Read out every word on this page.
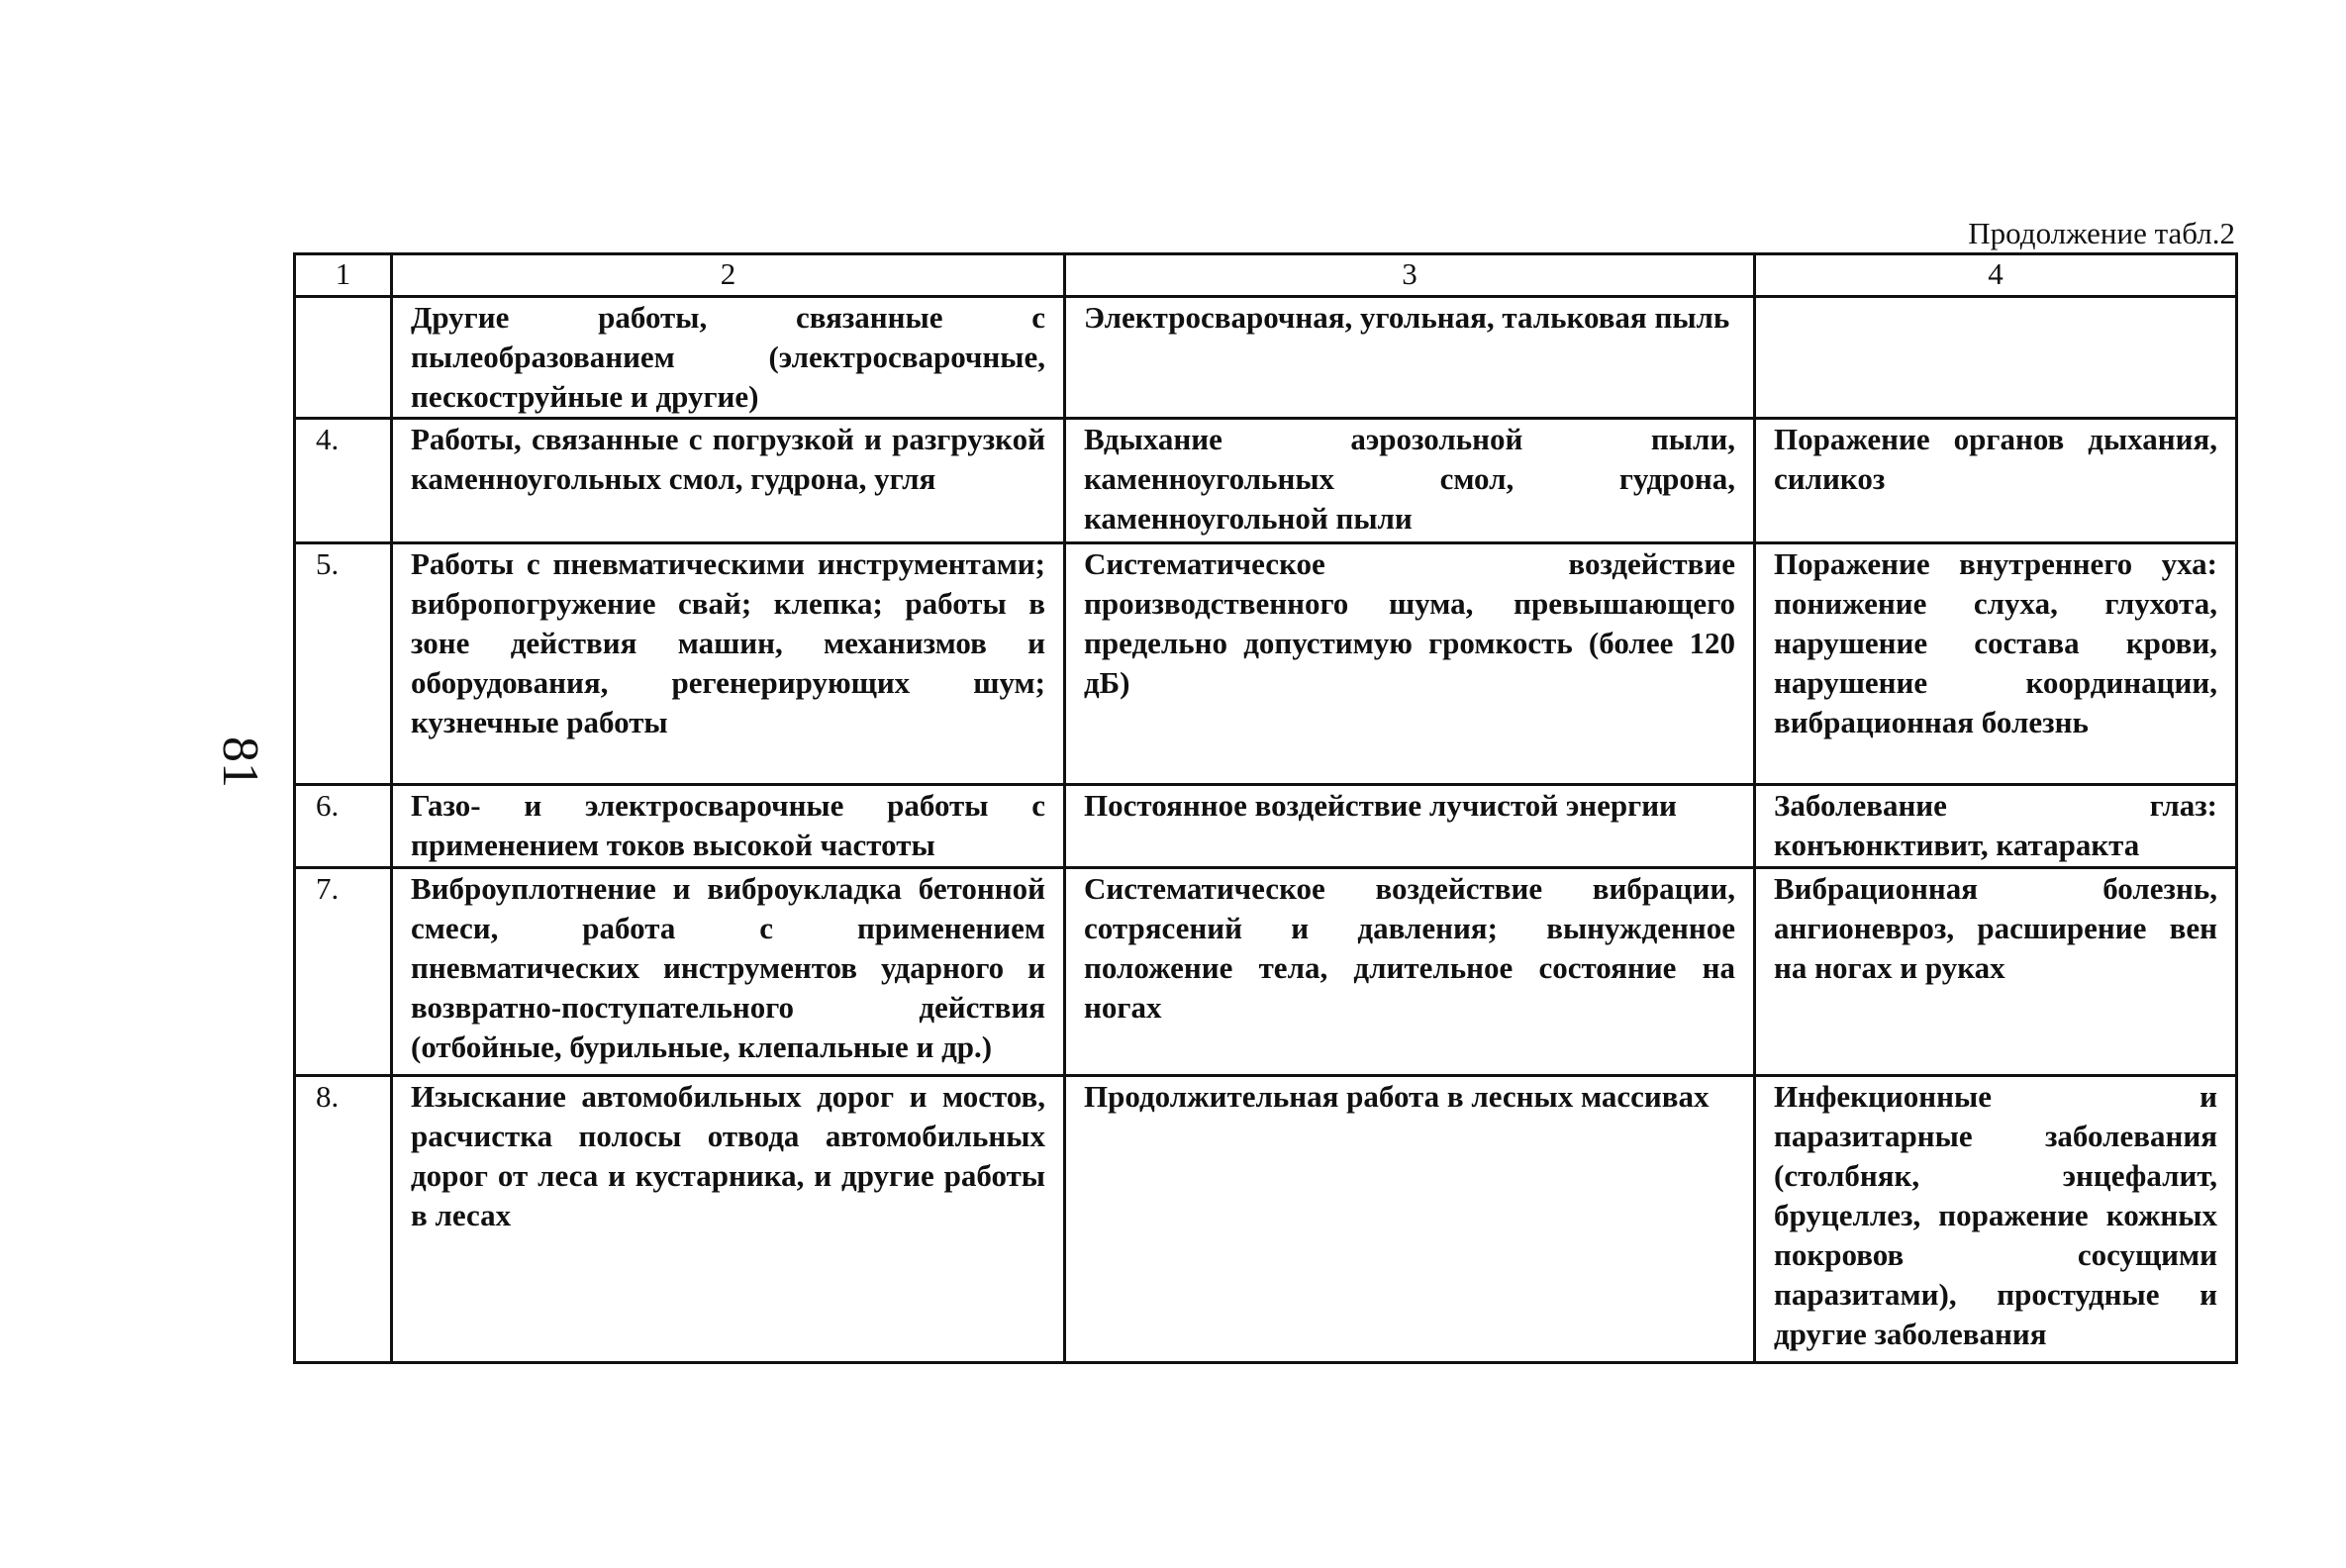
81
Продолжение табл.2
1	2	3	4

	Другие работы, связанные с пылеобразованием (электросварочные, пескоструйные и другие)	Электросварочная, угольная, тальковая пыль	

4.	Работы, связанные с погрузкой и разгрузкой каменноугольных смол, гудрона, угля	Вдыхание аэрозольной пыли, каменноугольных смол, гудрона, каменноугольной пыли	Поражение органов дыхания, силикоз

5.	Работы с пневматическими инструментами; вибропогружение свай; клепка; работы в зоне действия машин, механизмов и оборудования, регенерирующих шум; кузнечные работы	Систематическое воздействие производственного шума, превышающего предельно допустимую громкость (более 120 дБ)	Поражение внутреннего уха: понижение слуха, глухота, нарушение состава крови, нарушение координации, вибрационная болезнь

6.	Газо- и электросварочные работы с применением токов высокой частоты	Постоянное воздействие лучистой энергии	Заболевание глаз: конъюнктивит, катаракта

7.	Виброуплотнение и виброукладка бетонной смеси, работа с применением пневматических инструментов ударного и возвратно-поступательного действия (отбойные, бурильные, клепальные и др.)	Систематическое воздействие вибрации, сотрясений и давления; вынужденное положение тела, длительное состояние на ногах	Вибрационная болезнь, ангионевроз, расширение вен на ногах и руках

8.	Изыскание автомобильных дорог и мостов, расчистка полосы отвода автомобильных дорог от леса и кустарника, и другие работы в лесах	Продолжительная работа в лесных массивах	Инфекционные и паразитарные заболевания (столбняк, энцефалит, бруцеллез, поражение кожных покровов сосущими паразитами), простудные и другие заболевания
